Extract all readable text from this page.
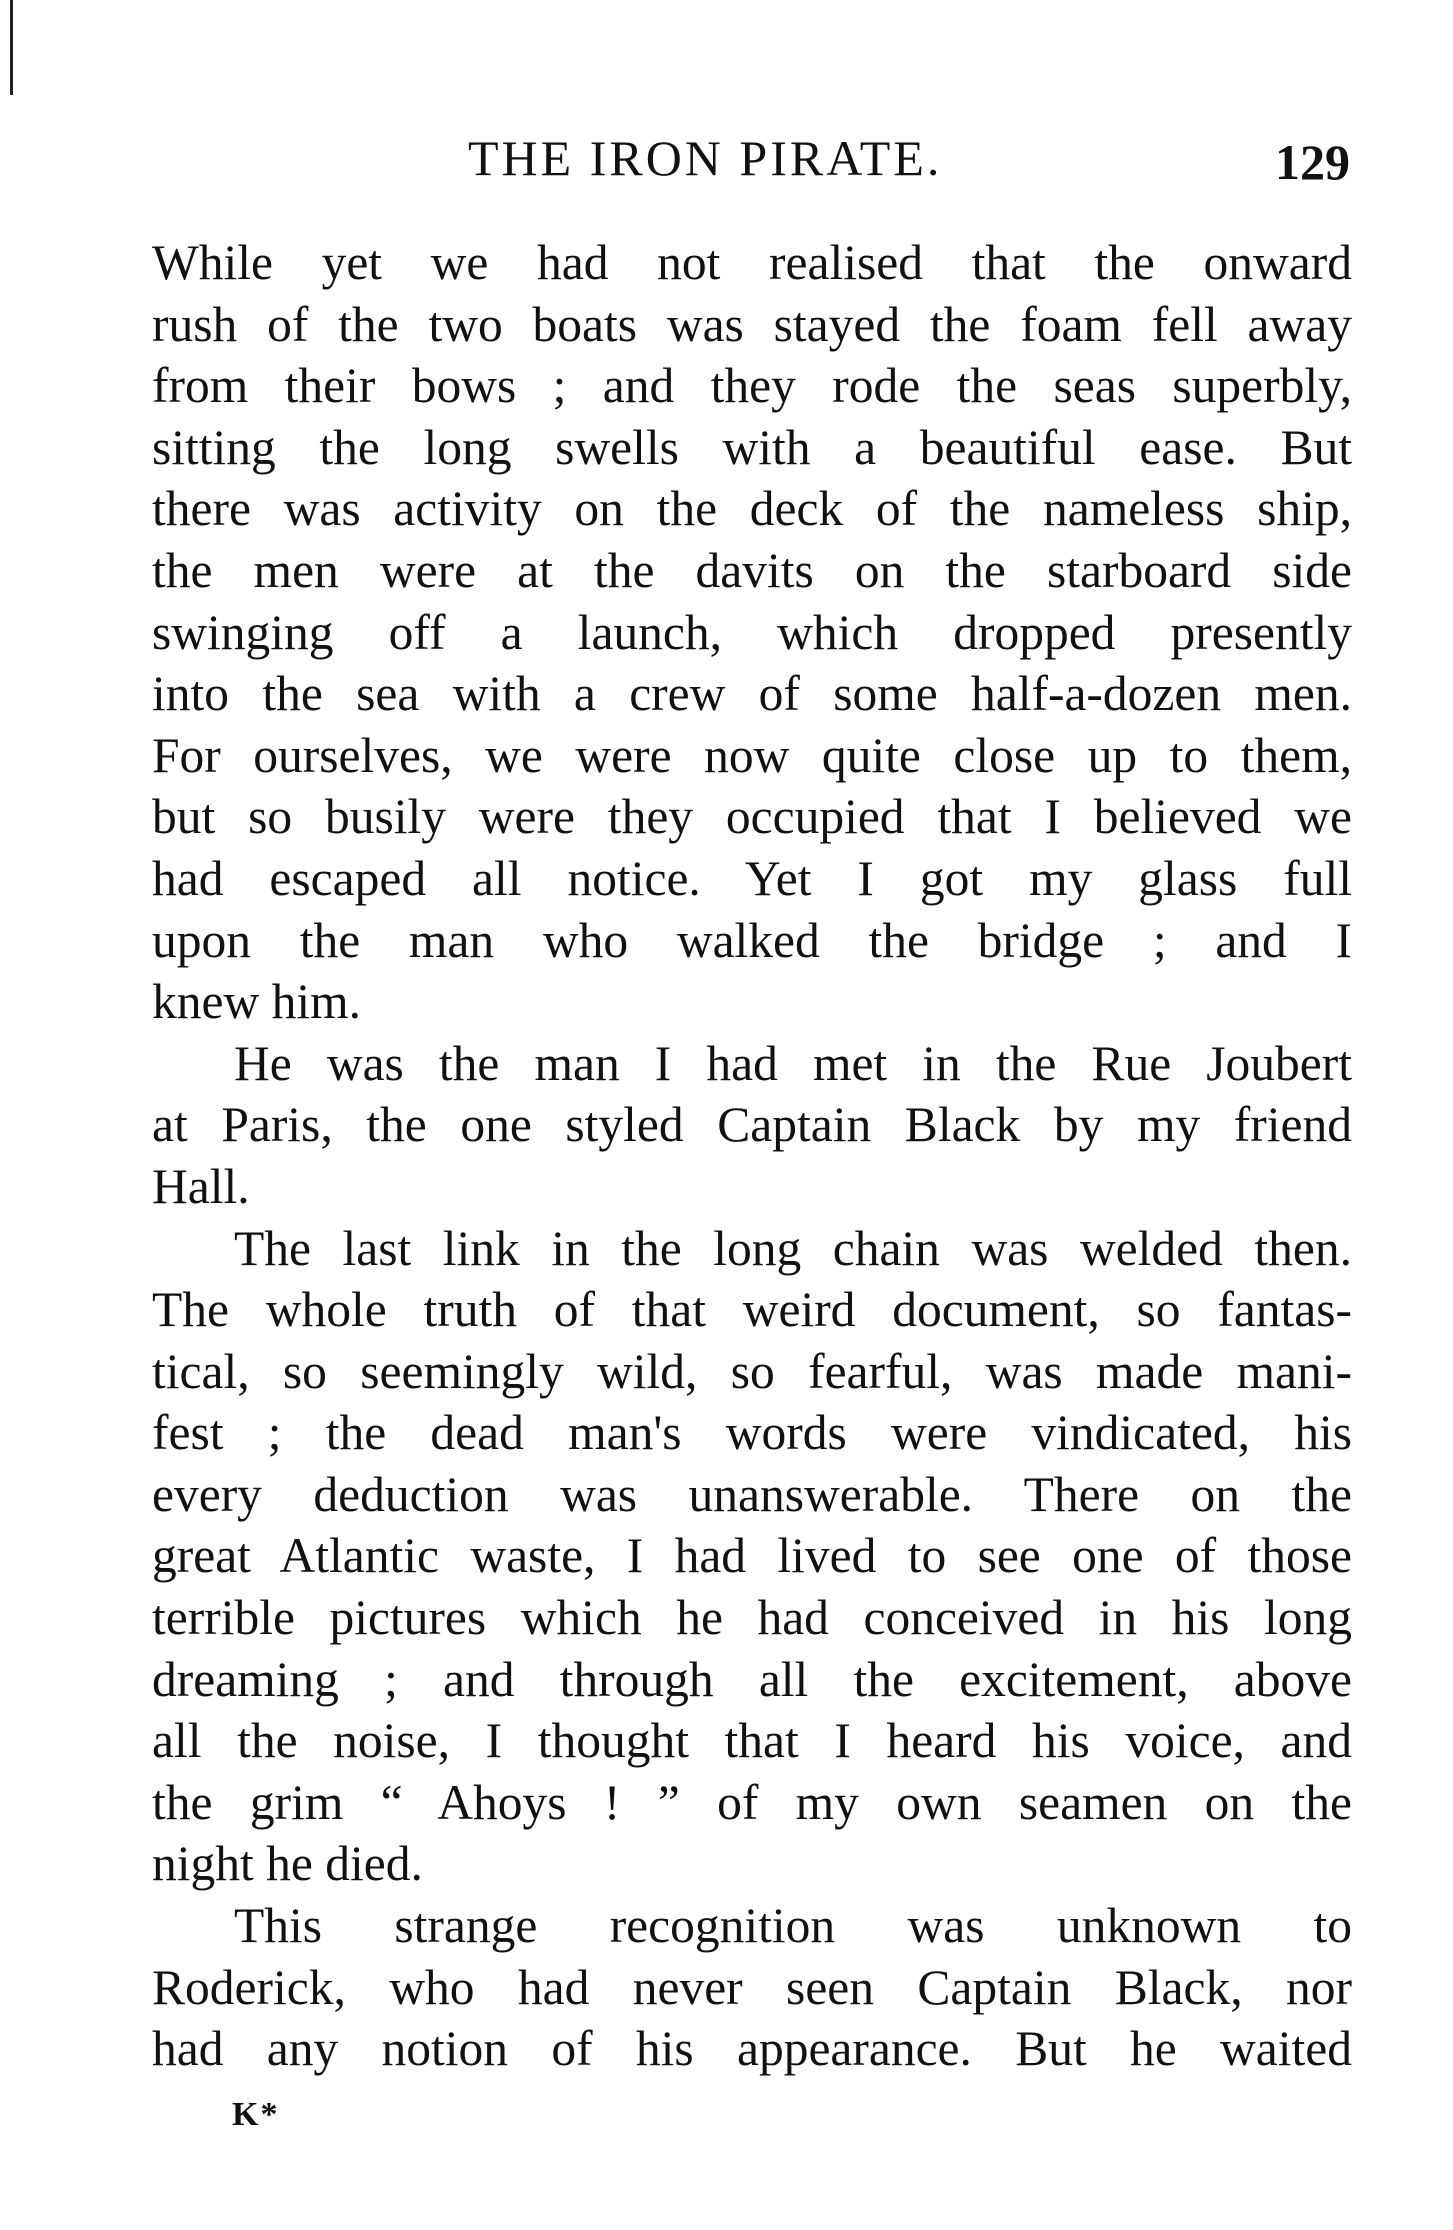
THE IRON PIRATE.	129
While yet we had not realised that the onward
rush of the two boats was stayed the foam fell away
from their bows ; and they rode the seas superbly,
sitting the long swells with a beautiful ease. But
there was activity on the deck of the nameless ship,
the men were at the davits on the starboard side
swinging off a launch, which dropped presently
into the sea with a crew of some half-a-dozen men.
For ourselves, we were now quite close up to them,
but so busily were they occupied that I believed we
had escaped all notice. Yet I got my glass full
upon the man who walked the bridge ; and I
knew him.
He was the man I had met in the Rue Joubert
at Paris, the one styled Captain Black by my friend
Hall.
The last link in the long chain was welded then.
The whole truth of that weird document, so fantas-
tical, so seemingly wild, so fearful, was made mani-
fest ; the dead man's words were vindicated, his
every deduction was unanswerable. There on the
great Atlantic waste, I had lived to see one of those
terrible pictures which he had conceived in his long
dreaming ; and through all the excitement, above
all the noise, I thought that I heard his voice, and
the grim “ Ahoys ! ” of my own seamen on the
night he died.
This strange recognition was unknown to
Roderick, who had never seen Captain Black, nor
had any notion of his appearance. But he waited
K*
